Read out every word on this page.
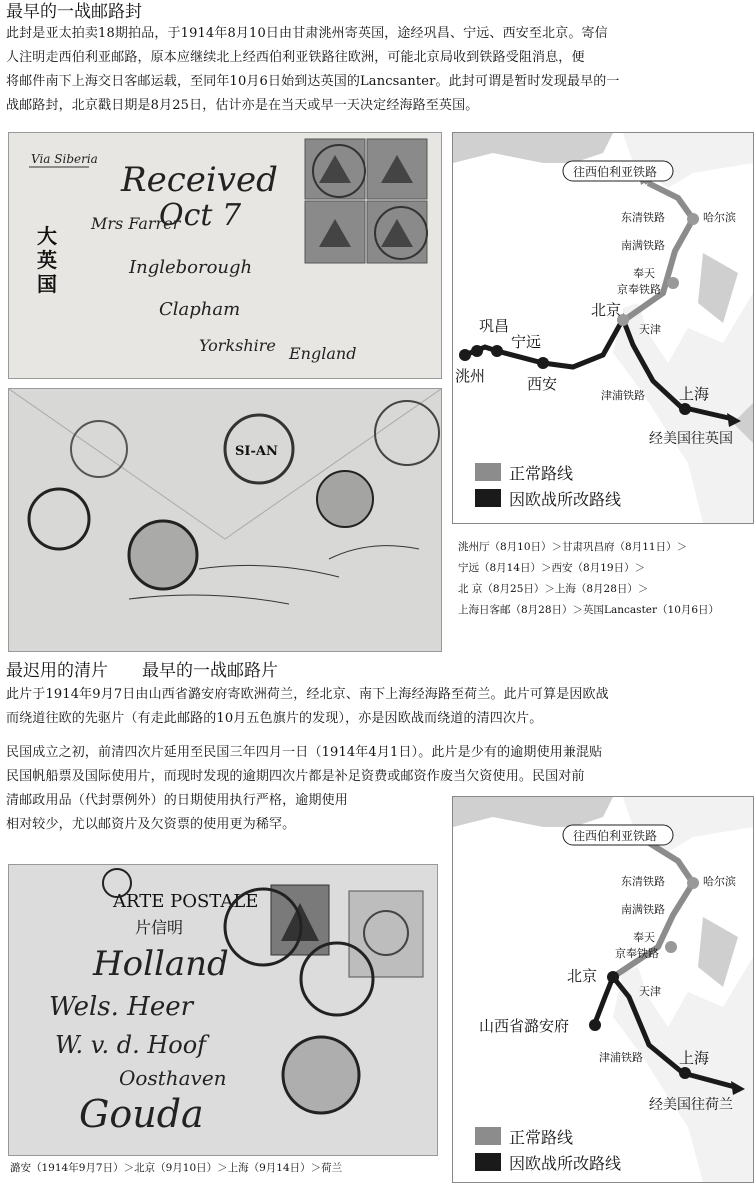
最早的一战邮路封
此封是亚太拍卖18期拍品，于1914年8月10日由甘肃洮州寄英国，途经巩昌、宁远、西安至北京。寄信
人注明走西伯利亚邮路，原本应继续北上经西伯利亚铁路往欧洲，可能北京局收到铁路受阻消息，便
将邮件南下上海交日客邮运载，至同年10月6日始到达英国的Lancsanter。此封可谓是暂时发现最早的一
战邮路封，北京戳日期是8月25日，估计亦是在当天或早一天决定经海路至英国。
Via Siberia
Received
Oct 7
大
英
国
Mrs Farrer
Ingleborough
Clapham
Yorkshire England
SI-AN
往西伯利亚铁路
东清铁路	哈尔滨
南满铁路
奉天
京奉铁路
北京
天津
巩昌
宁远
洮州	西安
津浦铁路 上海
经美国往英国
正常路线
因欧战所改路线
洮州厅（8月10日）＞甘肃巩昌府（8月11日）＞
宁远（8月14日）＞西安（8月19日）＞
北 京（8月25日）＞上海（8月28日）＞
上海日客邮（8月28日）＞英国Lancaster（10月6日）
最迟用的清片　　最早的一战邮路片
此片于1914年9月7日由山西省潞安府寄欧洲荷兰，经北京、南下上海经海路至荷兰。此片可算是因欧战
而绕道往欧的先驱片（有走此邮路的10月五色旗片的发现），亦是因欧战而绕道的清四次片。
民国成立之初，前清四次片延用至民国三年四月一日（1914年4月1日）。此片是少有的逾期使用兼混贴
民国帆船票及国际使用片，而现时发现的逾期四次片都是补足资费或邮资作废当欠资使用。民国对前
清邮政用品（代封票例外）的日期使用执行严格，逾期使用
相对较少，尤以邮资片及欠资票的使用更为稀罕。
ARTE POSTALE
片信明
Holland
Wels. Heer
W. v. d. Hoof
Oosthaven
Gouda
潞安（1914年9月7日）＞北京（9月10日）＞上海（9月14日）＞荷兰
往西伯利亚铁路
东清铁路	哈尔滨
南满铁路
奉天
京奉铁路
北京
天津
山西省潞安府
津浦铁路 上海
经美国往荷兰
正常路线
因欧战所改路线
